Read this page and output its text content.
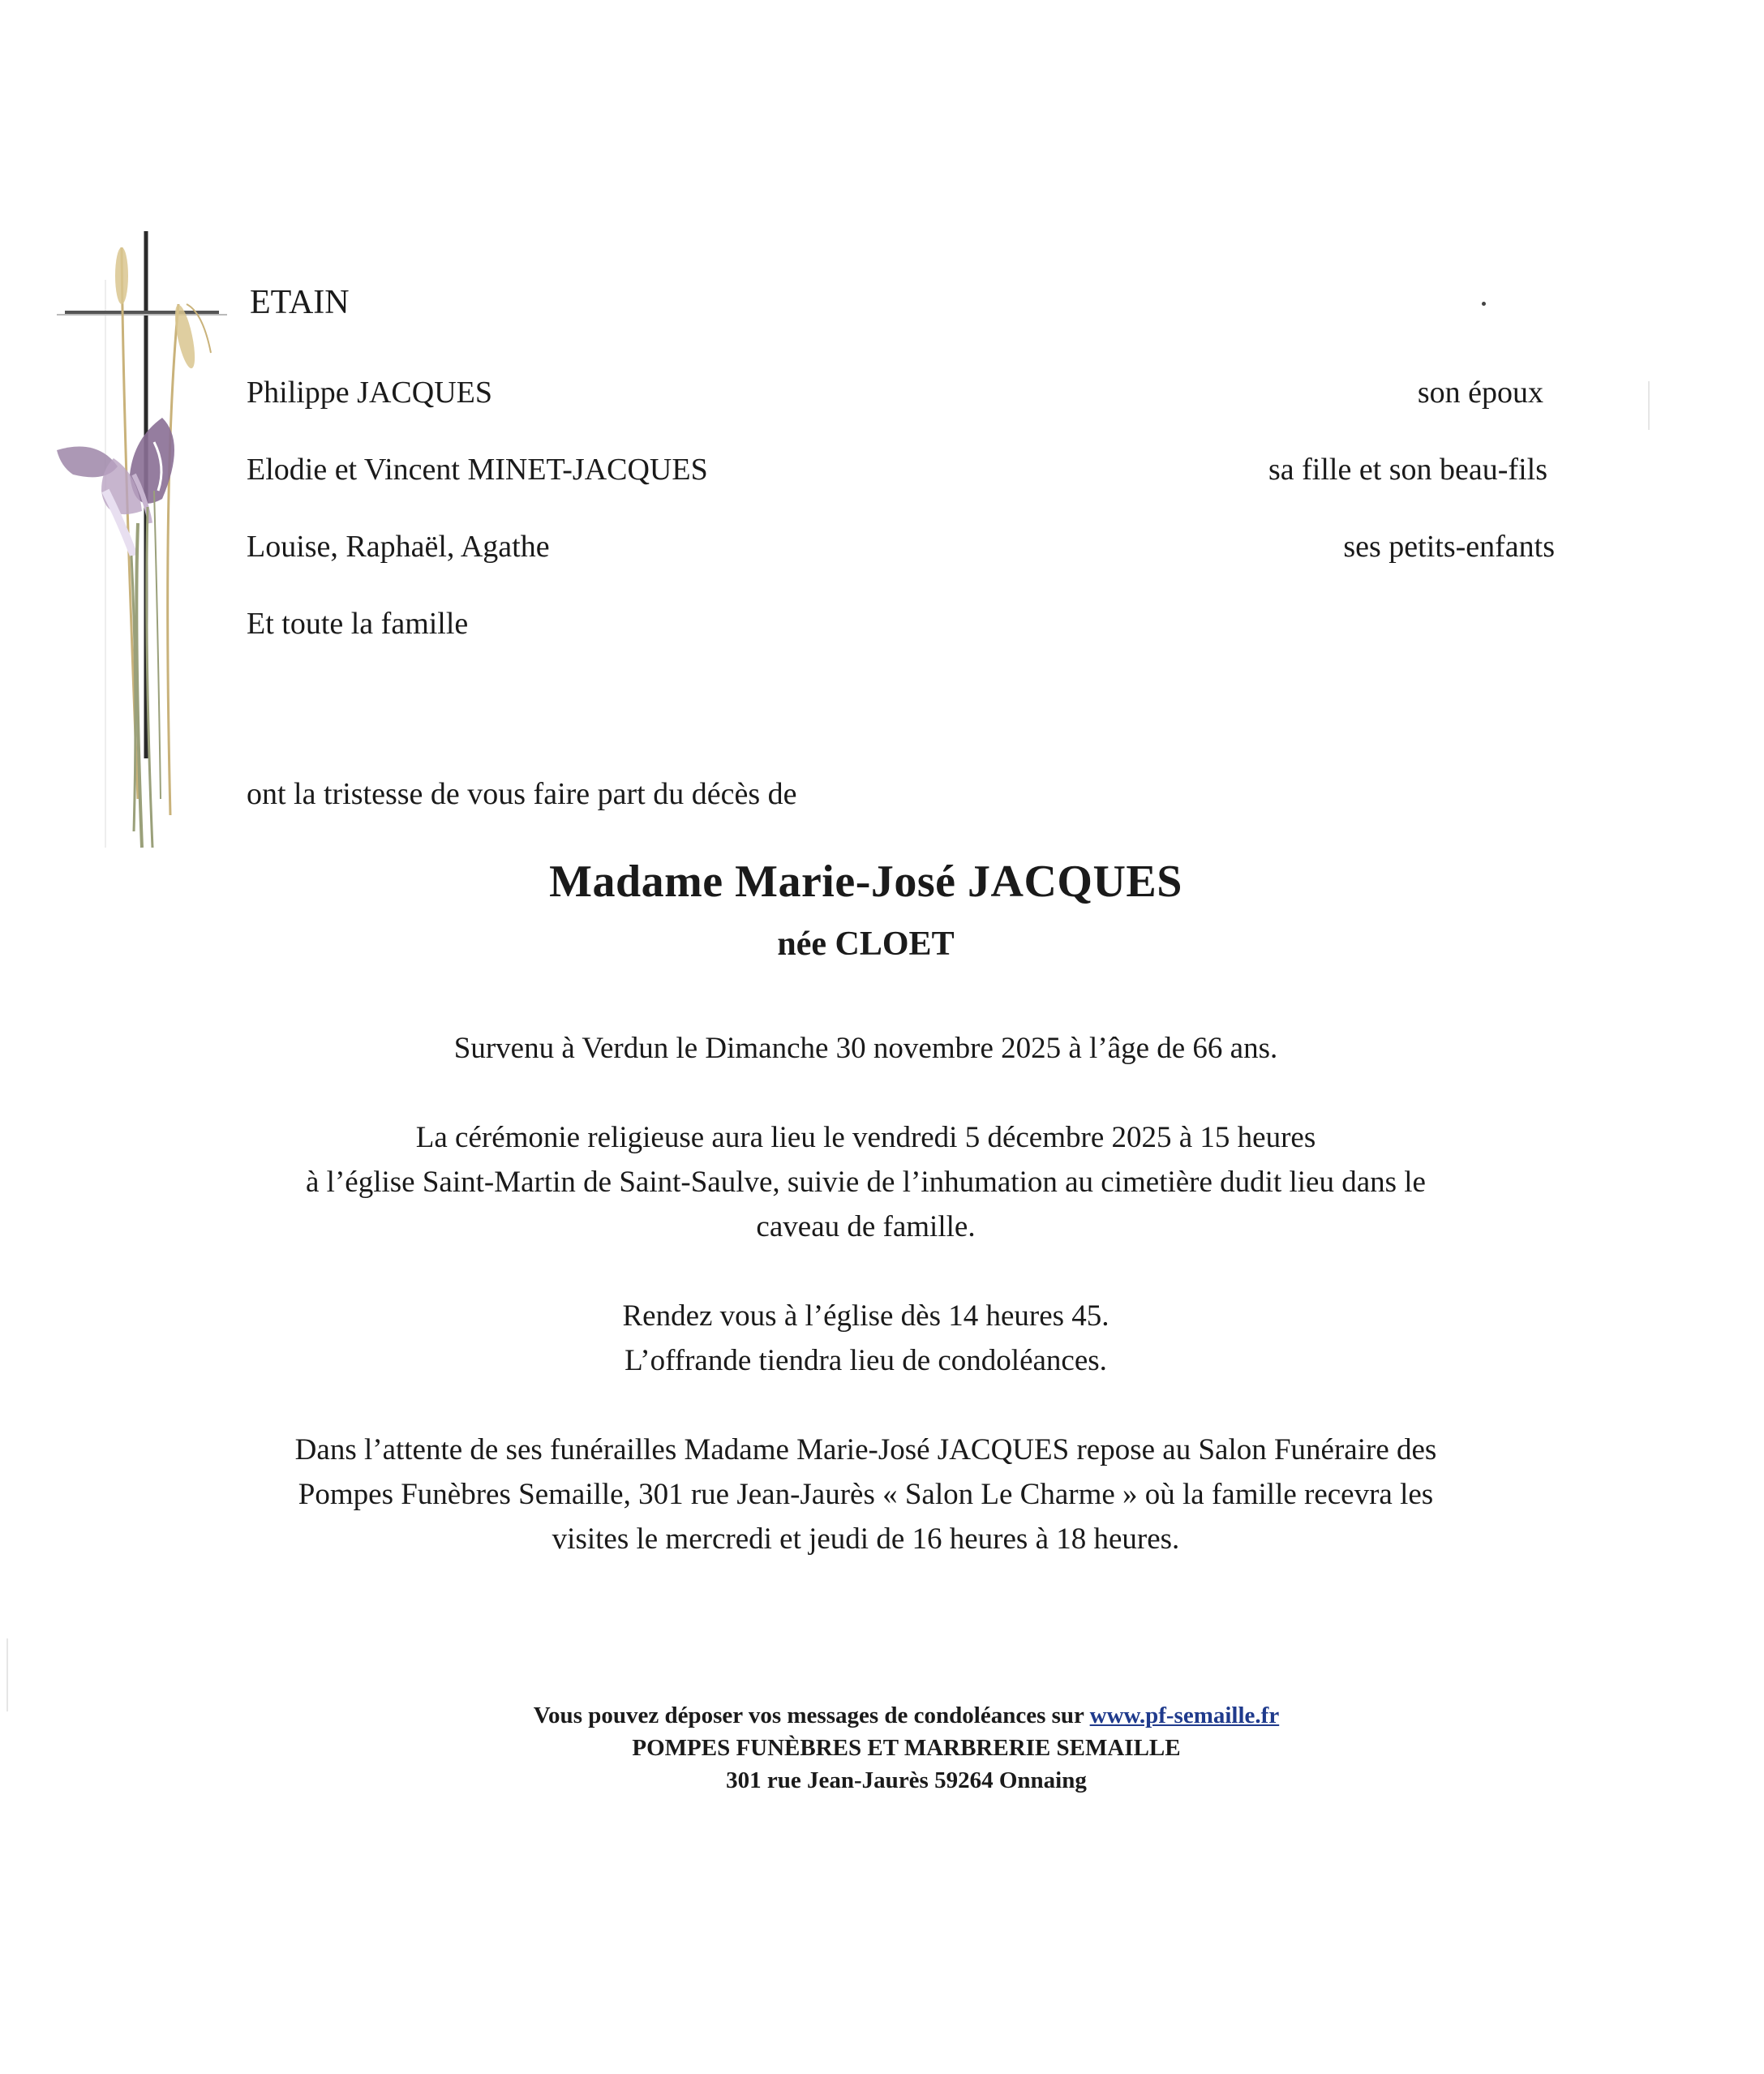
ETAIN
Philippe JACQUES	son époux
Elodie et Vincent MINET-JACQUES	sa fille et son beau-fils
Louise, Raphaël, Agathe	ses petits-enfants
Et toute la famille
ont la tristesse de vous faire part du décès de
Madame Marie-José JACQUES
née CLOET
Survenu à Verdun le Dimanche 30 novembre 2025 à l’âge de 66 ans.
La cérémonie religieuse aura lieu le vendredi 5 décembre 2025 à 15 heures
à l’église Saint-Martin de Saint-Saulve, suivie de l’inhumation au cimetière dudit lieu dans le
caveau de famille.
Rendez vous à l’église dès 14 heures 45.
L’offrande tiendra lieu de condoléances.
Dans l’attente de ses funérailles Madame Marie-José JACQUES repose au Salon Funéraire des
Pompes Funèbres Semaille, 301 rue Jean-Jaurès « Salon Le Charme » où la famille recevra les
visites le mercredi et jeudi de 16 heures à 18 heures.
Vous pouvez déposer vos messages de condoléances sur www.pf-semaille.fr
POMPES FUNÈBRES ET MARBRERIE SEMAILLE
301 rue Jean-Jaurès 59264 Onnaing
